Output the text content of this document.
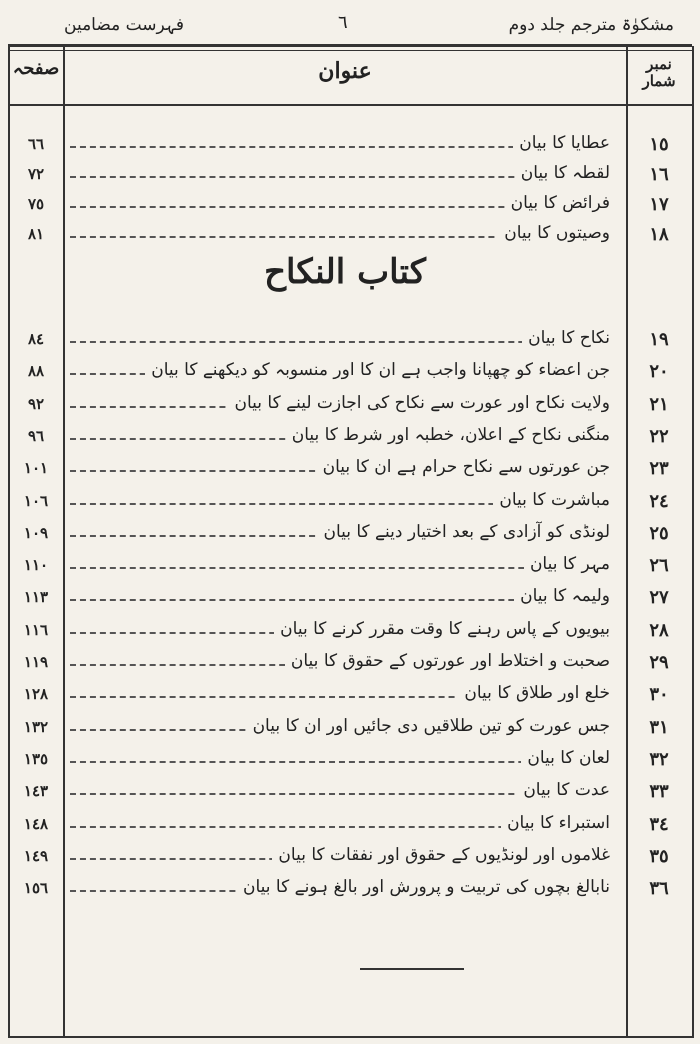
فہرست مضامین	٦	مشکوٰۃ مترجم جلد دوم
صفحہ	عنوان	نمبر شمار
٦٦	عطایا کا بیان	١٥
٧٢	لقطہ کا بیان	١٦
٧٥	فرائض کا بیان	١٧
٨١	وصیتوں کا بیان	١٨
کتاب النکاح
٨٤	نکاح کا بیان	١٩
٨٨	جن اعضاء کو چھپانا واجب ہے ان کا اور منسوبہ کو دیکھنے کا بیان	٢٠
٩٢	ولایت نکاح اور عورت سے نکاح کی اجازت لینے کا بیان	٢١
٩٦	منگنی نکاح کے اعلان، خطبہ اور شرط کا بیان	٢٢
١٠١	جن عورتوں سے نکاح حرام ہے ان کا بیان	٢٣
١٠٦	مباشرت کا بیان	٢٤
١٠٩	لونڈی کو آزادی کے بعد اختیار دینے کا بیان	٢٥
١١٠	مہر کا بیان	٢٦
١١٣	ولیمہ کا بیان	٢٧
١١٦	بیویوں کے پاس رہنے کا وقت مقرر کرنے کا بیان	٢٨
١١٩	صحبت و اختلاط اور عورتوں کے حقوق کا بیان	٢٩
١٢٨	خلع اور طلاق کا بیان	٣٠
١٣٢	جس عورت کو تین طلاقیں دی جائیں اور ان کا بیان	٣١
١٣٥	لعان کا بیان	٣٢
١٤٣	عدت کا بیان	٣٣
١٤٨	استبراء کا بیان	٣٤
١٤٩	غلاموں اور لونڈیوں کے حقوق اور نفقات کا بیان	٣٥
١٥٦	نابالغ بچوں کی تربیت و پرورش اور بالغ ہونے کا بیان	٣٦
